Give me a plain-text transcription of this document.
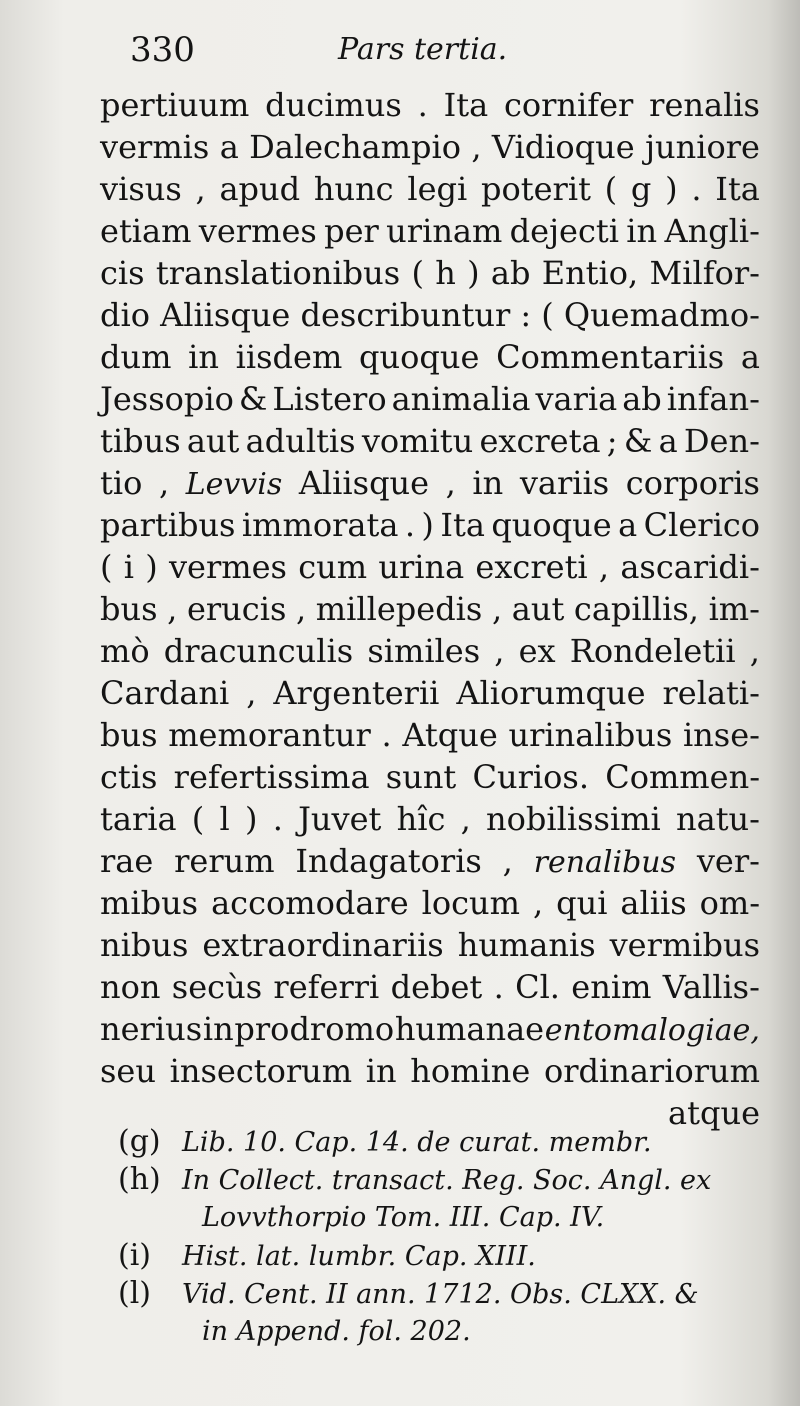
330	Pars tertia.
pertiuum ducimus . Ita cornifer renalis
vermis a Dalechampio , Vidioque juniore
visus , apud hunc legi poterit ( g ) . Ita
etiam vermes per urinam dejecti in Angli-
cis translationibus ( h ) ab Entio, Milfor-
dio Aliisque describuntur : ( Quemadmo-
dum in iisdem quoque Commentariis a
Jessopio & Listero animalia varia ab infan-
tibus aut adultis vomitu excreta ; & a Den-
tio , Levvis Aliisque , in variis corporis
partibus immorata . ) Ita quoque a Clerico
( i ) vermes cum urina excreti , ascaridi-
bus , erucis , millepedis , aut capillis, im-
mò dracunculis similes , ex Rondeletii ,
Cardani , Argenterii Aliorumque relati-
bus memorantur . Atque urinalibus inse-
ctis refertissima sunt Curios. Commen-
taria ( l ) . Juvet hîc , nobilissimi natu-
rae rerum Indagatoris , renalibus ver-
mibus accomodare locum , qui aliis om-
nibus extraordinariis humanis vermibus
non secùs referri debet . Cl. enim Vallis-
nerius in prodromo humanae entomalogiae,
seu insectorum in homine ordinariorum
atque
(g) Lib. 10. Cap. 14. de curat. membr.
(h) In Collect. transact. Reg. Soc. Angl. ex
Lovvthorpio Tom. III. Cap. IV.
(i)	Hist. lat. lumbr. Cap. XIII.
(l)	Vid. Cent. II ann. 1712. Obs. CLXX. &
in Append. fol. 202.
